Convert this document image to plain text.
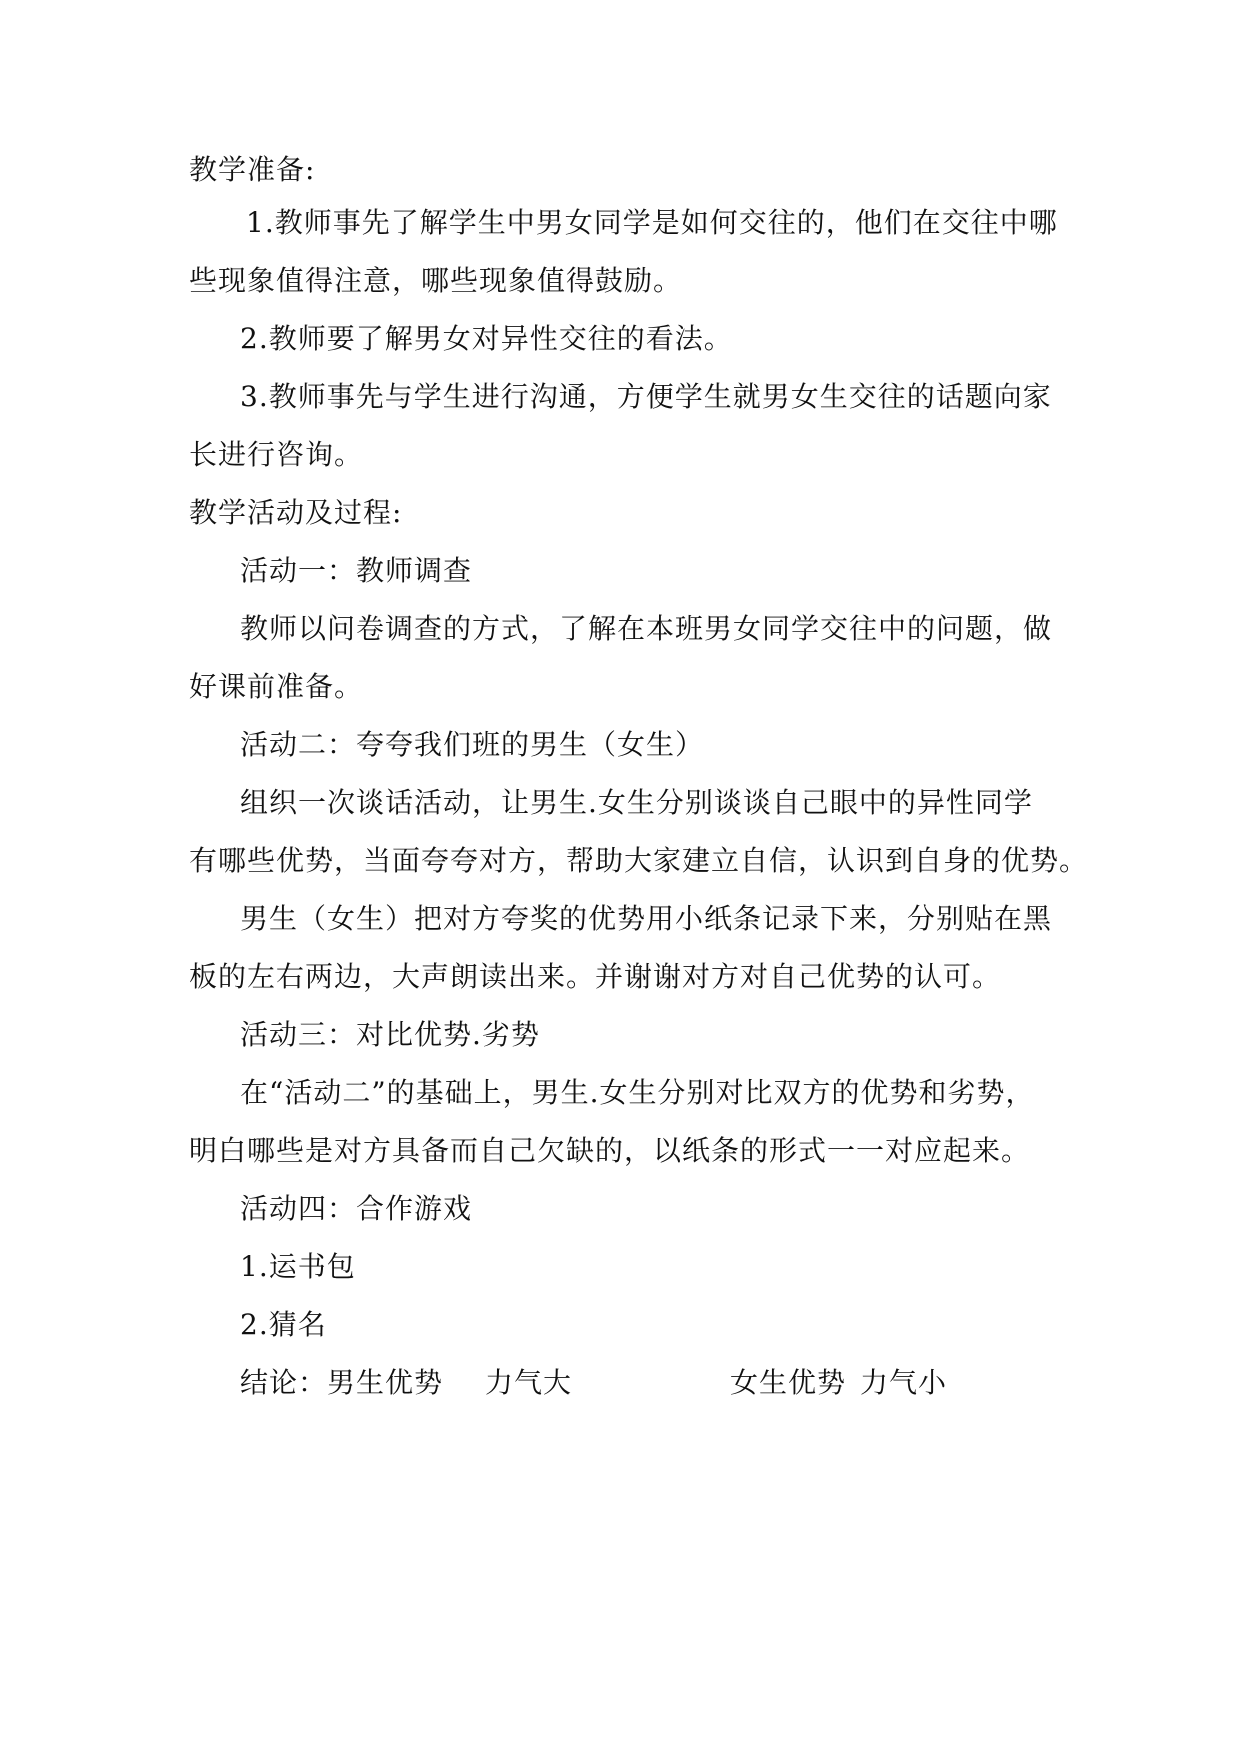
教学准备:
1.教师事先了解学生中男女同学是如何交往的，他们在交往中哪
些现象值得注意，哪些现象值得鼓励。
2.教师要了解男女对异性交往的看法。
3.教师事先与学生进行沟通，方便学生就男女生交往的话题向家
长进行咨询。
教学活动及过程:
活动一：教师调查
教师以问卷调查的方式，了解在本班男女同学交往中的问题，做
好课前准备。
活动二：夸夸我们班的男生（女生）
组织一次谈话活动，让男生.女生分别谈谈自己眼中的异性同学
有哪些优势，当面夸夸对方，帮助大家建立自信，认识到自身的优势。
男生（女生）把对方夸奖的优势用小纸条记录下来，分别贴在黑
板的左右两边，大声朗读出来。并谢谢对方对自己优势的认可。
活动三：对比优势.劣势
在“活动二”的基础上，男生.女生分别对比双方的优势和劣势，
明白哪些是对方具备而自己欠缺的，以纸条的形式一一对应起来。
活动四：合作游戏
1.运书包
2.猜名
结论：男生优势 力气大	女生优势 力气小
